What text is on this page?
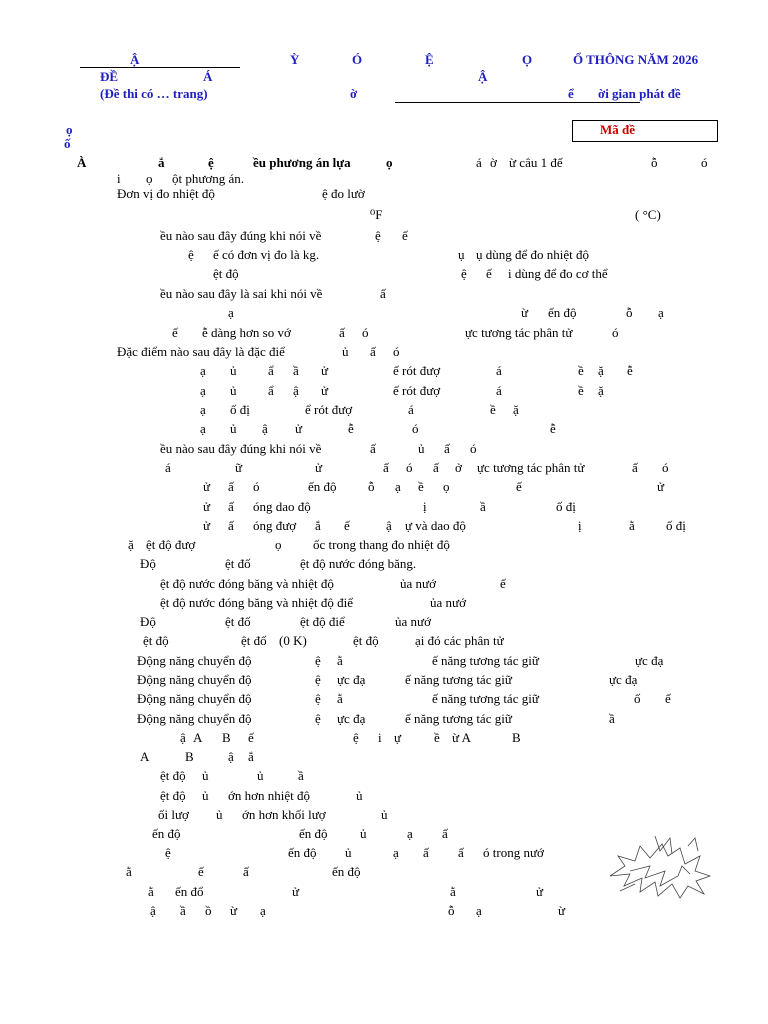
Ậ	Ỳ	Ó	Ệ	Ọ	Ổ THÔNG NĂM 2026
ĐỀ	Á	Ậ
(Đề thi có … trang)	ờ	ể ời gian phát đề
Mã đề
ọ
ố
À	ắ	ệ	ều phương án lựa	ọ	á ờ ừ câu 1 đế	ỗ	ó
i ọ ột phương án.
Đơn vị đo nhiệt độ	ệ đo lườ
⁰F	( °C)
ều nào sau đây đúng khi nói về	ệ ế
ệ ế có đơn vị đo là kg.	ụ ụ dùng để đo nhiệt độ
ệt độ	ệ ế i dùng để đo cơ thể
ều nào sau đây là sai khi nói về	ấ
ạ	ừ ến độ	ỗ ạ
ế ễ dàng hơn so vớ	ấ ó	ực tương tác phân tử	ó
Đặc điểm nào sau đây là đặc điể	ủ ấ ó
ạ ủ ẩ ầ ử	ế rót đượ	á	ề ặ ễ
ạ ủ ẩ ậ ử	ế rót đượ	á	ề ặ
ạ ố đị	ể rót đượ	á	ề ặ
ạ ủ ậ ử	ễ	ó	ễ
ều nào sau đây đúng khi nói về	ấ	ủ ấ ó
á	ữ	ử	ấ ó ấ ở ực tương tác phân tử	ấ ó
ử ấ ó	ến độ ỗ ạ ề ọ	ế	ử
ử ấ óng dao độ	ị	ầ	ố đị
ử ấ óng đượ ắ ế	ậ ự và dao độ	ị	ằ ố đị
ặ ệt độ đượ	ọ ốc trong thang đo nhiệt độ
Độ	ệt đố	ệt độ nước đóng băng.
ệt độ nước đóng băng và nhiệt độ	ủa nướ	ế
ệt độ nước đóng băng và nhiệt độ điể	ủa nướ
Độ	ệt đố	ệt độ điể	ủa nướ
ệt độ	ệt đố (0 K)	ệt độ	ại đó các phân tử
Động năng chuyển độ	ệ ằ	ế năng tương tác giữ	ực đạ
Động năng chuyển độ	ệ ực đạ	ế năng tương tác giữ	ực đạ
Động năng chuyển độ	ệ ằ	ế năng tương tác giữ	ố ế
Động năng chuyển độ	ệ ực đạ	ế năng tương tác giữ	ầ
ậ A B ế	ệ i ự	ề ừ A	B
A	B	ậ ắ
ệt độ ủ	ủ	ầ
ệt độ ủ ớn hơn nhiệt độ	ủ
ối lượ ủ ớn hơn khối lượ	ủ
ến độ	ến độ ủ	ạ ấ
ệ	ến độ ủ	ạ ấ ấ ó trong nướ
ằ	ế	ấ	ến độ
ằ ến đổ	ử	ằ	ử
ậ ầ ồ ừ ạ	ỗ ạ	ừ
